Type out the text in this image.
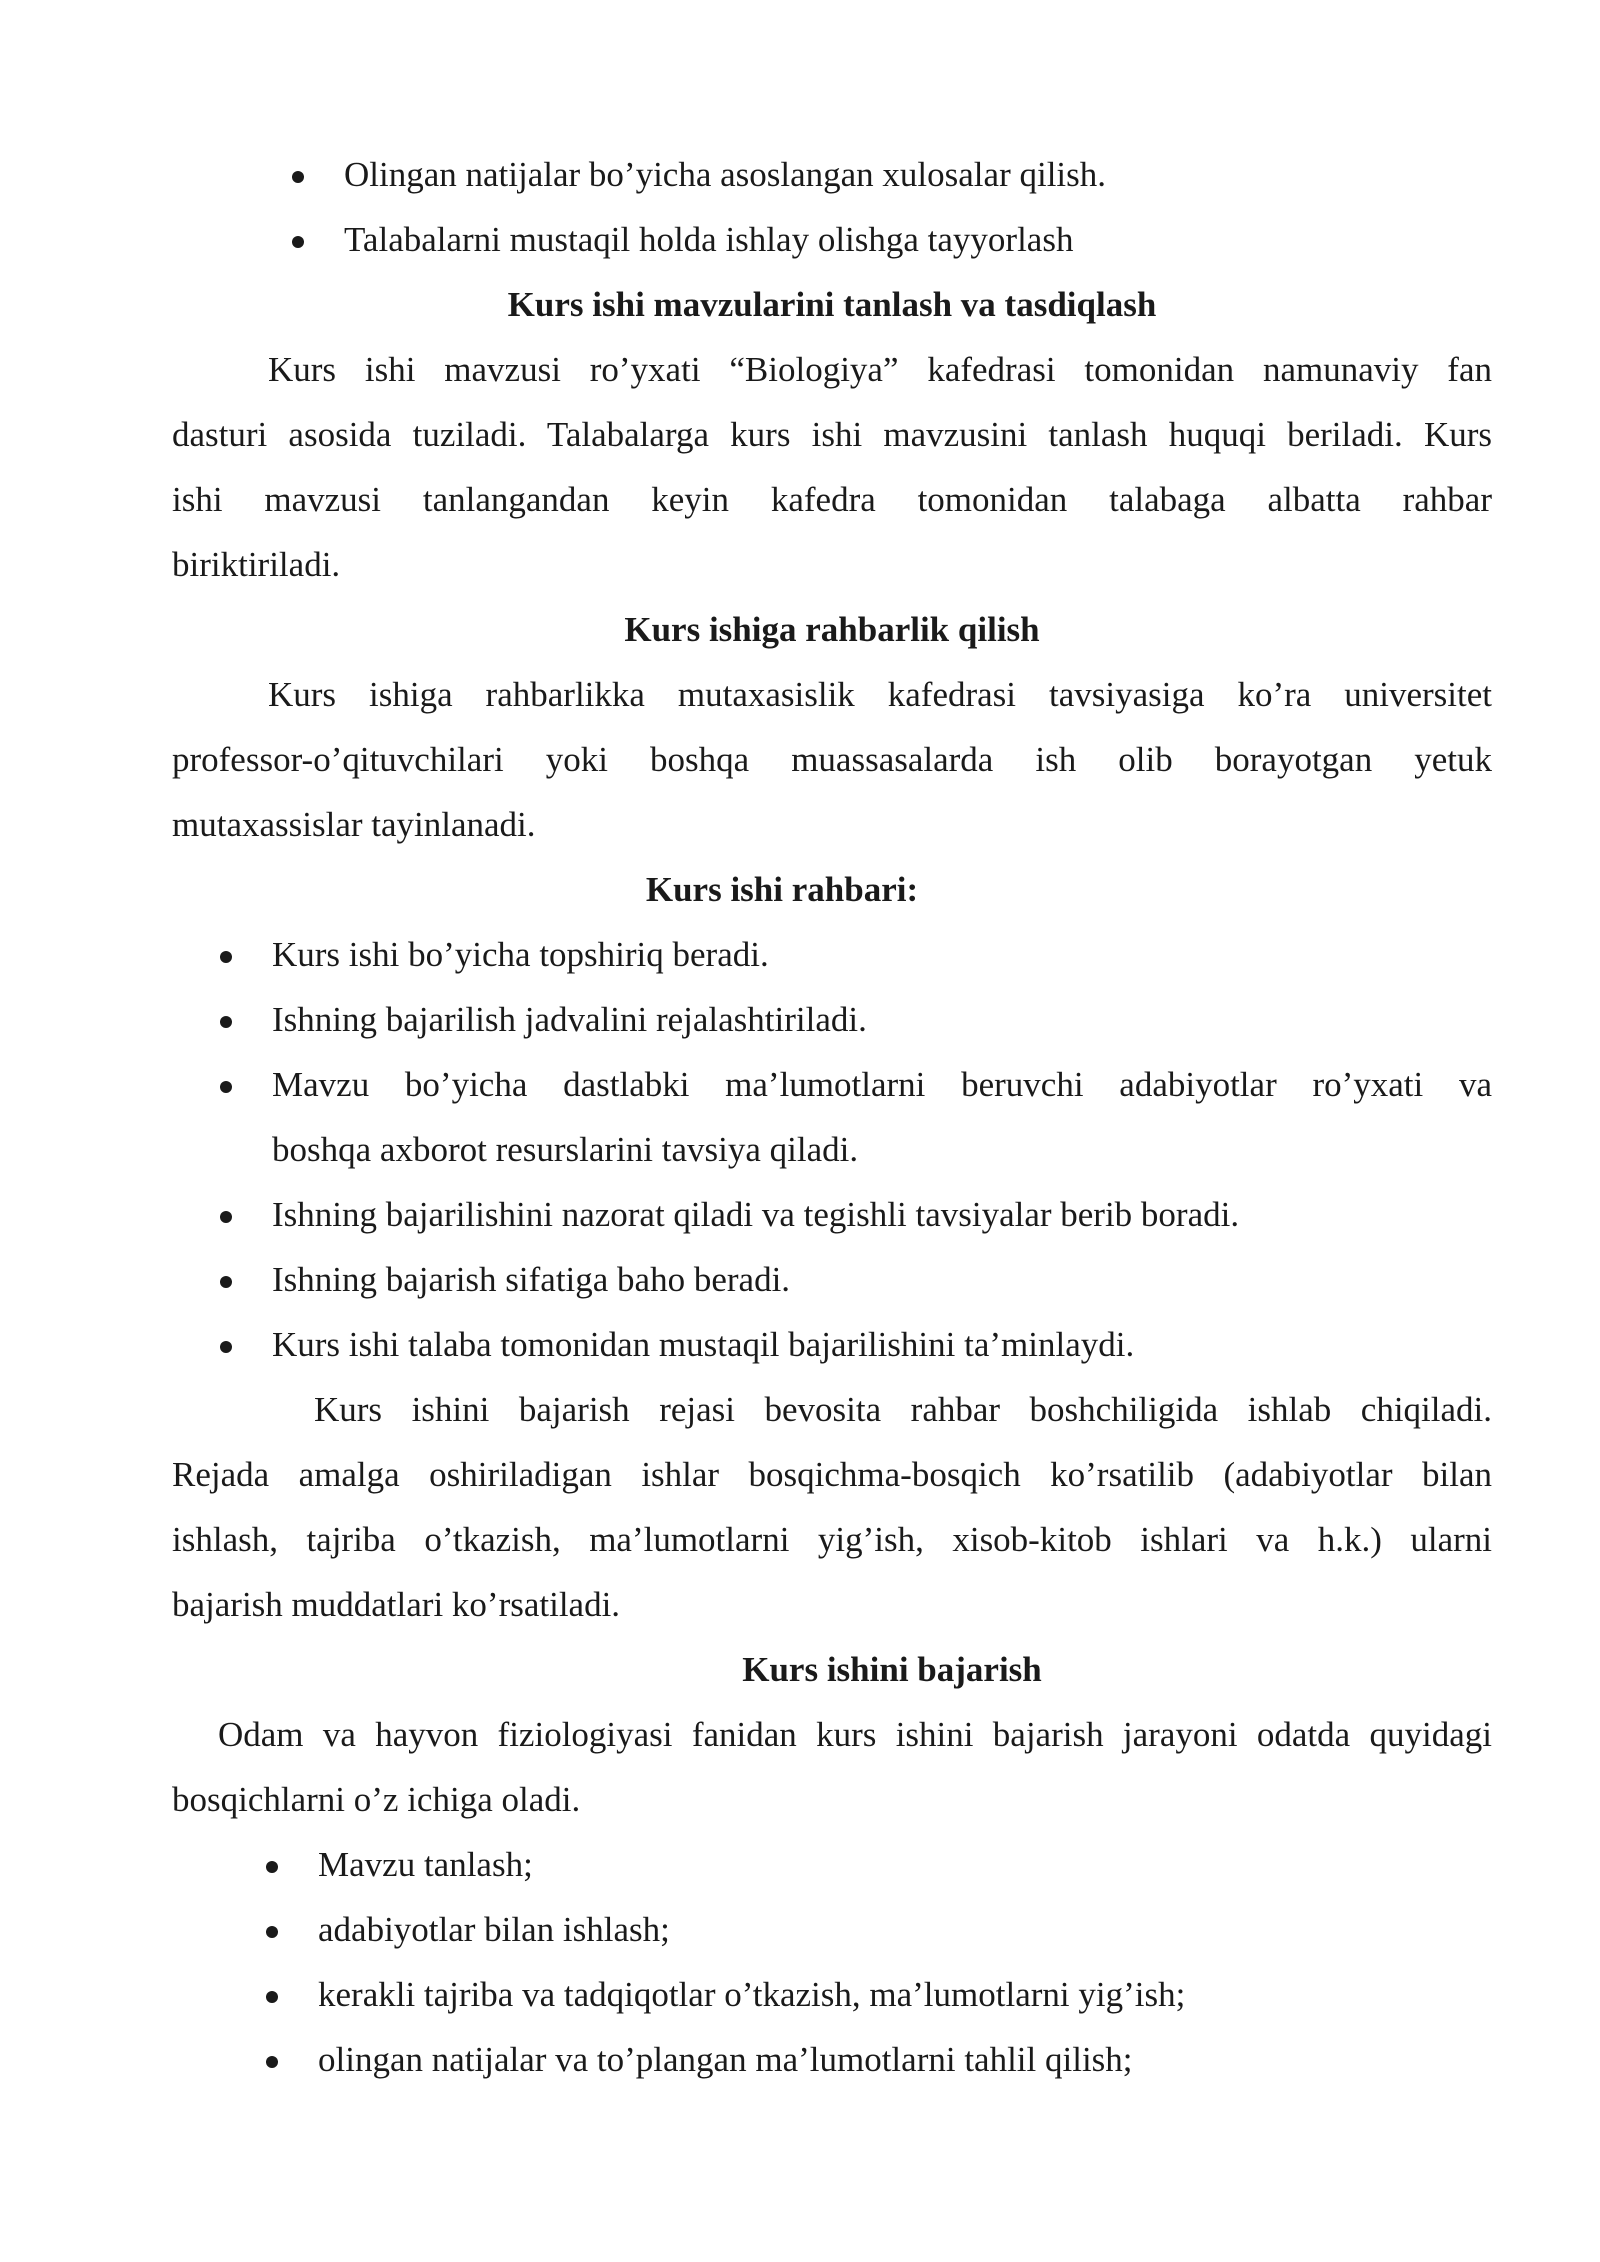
Olingan natijalar bo’yicha asoslangan xulosalar qilish.
Talabalarni mustaqil holda ishlay olishga tayyorlash
Kurs ishi mavzularini tanlash va tasdiqlash
Kurs ishi mavzusi ro’yxati “Biologiya” kafedrasi tomonidan namunaviy fan
dasturi asosida tuziladi. Talabalarga kurs ishi mavzusini tanlash huquqi beriladi. Kurs
ishi mavzusi tanlangandan keyin kafedra tomonidan talabaga albatta rahbar
biriktiriladi.
Kurs ishiga rahbarlik qilish
Kurs ishiga rahbarlikka mutaxasislik kafedrasi tavsiyasiga ko’ra universitet
professor-o’qituvchilari yoki boshqa muassasalarda ish olib borayotgan yetuk
mutaxassislar tayinlanadi.
Kurs ishi rahbari:
Kurs ishi bo’yicha topshiriq beradi.
Ishning bajarilish jadvalini rejalashtiriladi.
Mavzu bo’yicha dastlabki ma’lumotlarni beruvchi adabiyotlar ro’yxati va
boshqa axborot resurslarini tavsiya qiladi.
Ishning bajarilishini nazorat qiladi va tegishli tavsiyalar berib boradi.
Ishning bajarish sifatiga baho beradi.
Kurs ishi talaba tomonidan mustaqil bajarilishini ta’minlaydi.
Kurs ishini bajarish rejasi bevosita rahbar boshchiligida ishlab chiqiladi.
Rejada amalga oshiriladigan ishlar bosqichma-bosqich ko’rsatilib (adabiyotlar bilan
ishlash, tajriba o’tkazish, ma’lumotlarni yig’ish, xisob-kitob ishlari va h.k.) ularni
bajarish muddatlari ko’rsatiladi.
Kurs ishini bajarish
Odam va hayvon fiziologiyasi fanidan kurs ishini bajarish jarayoni odatda quyidagi
bosqichlarni o’z ichiga oladi.
Mavzu tanlash;
adabiyotlar bilan ishlash;
kerakli tajriba va tadqiqotlar o’tkazish, ma’lumotlarni yig’ish;
olingan natijalar va to’plangan ma’lumotlarni tahlil qilish;
